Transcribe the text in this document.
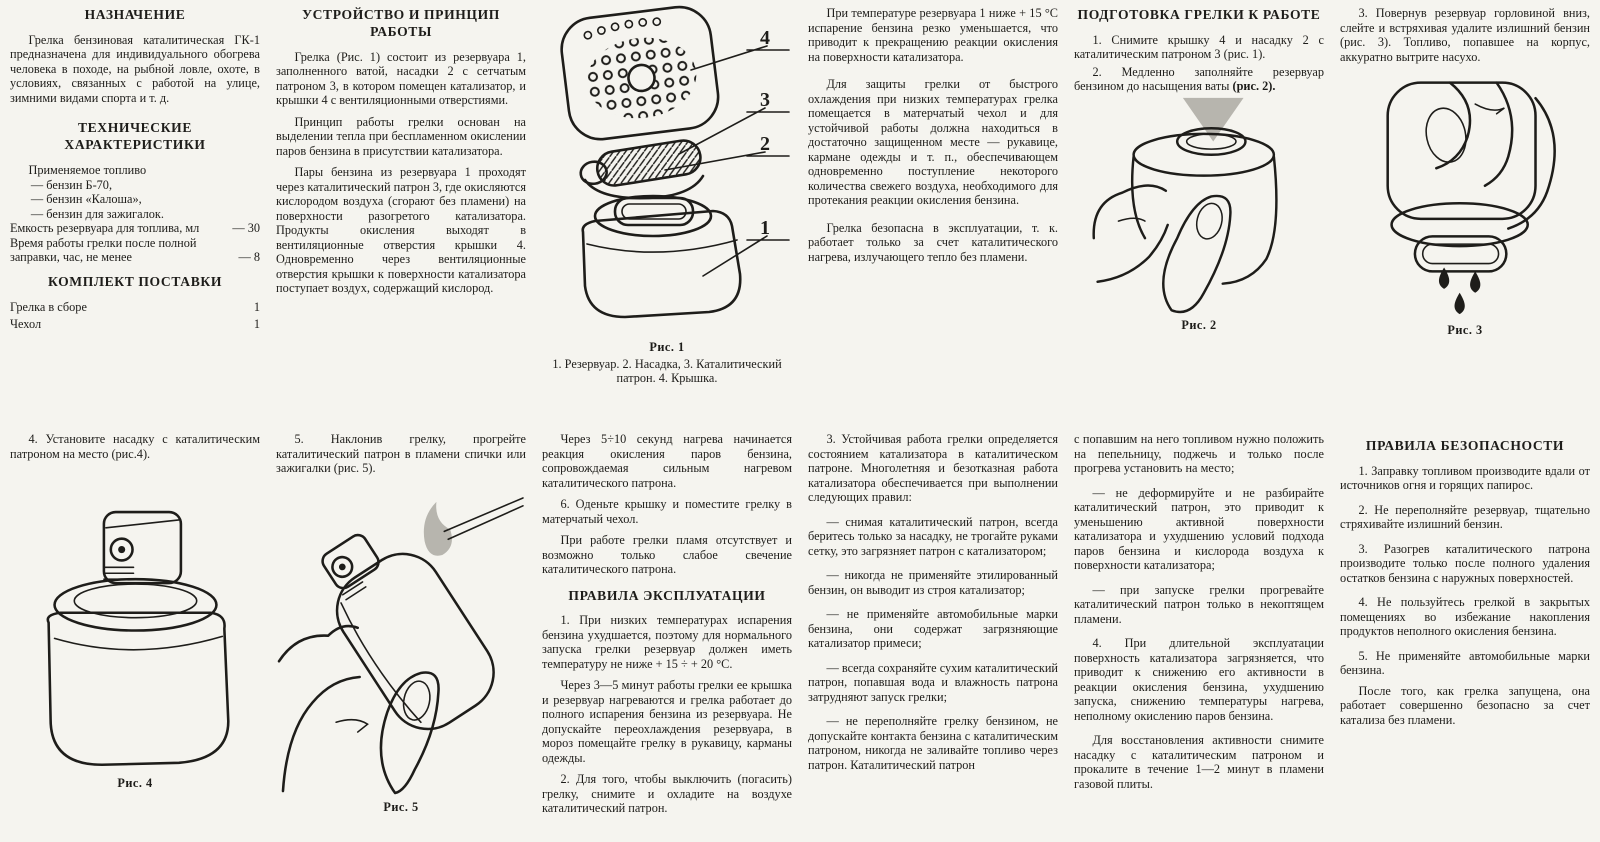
НАЗНАЧЕНИЕ

Грелка бензиновая каталитическая ГК-1 предназначена для индивидуального обогрева человека в походе, на рыбной ловле, охоте, в условиях, связанных с работой на улице, зимними видами спорта и т. д.

ТЕХНИЧЕСКИЕ ХАРАКТЕРИСТИКИ

Применяемое топливо

— бензин Б-70,

— бензин «Калоша»,

— бензин для зажигалок.

Емкость резервуара для топлива, мл	— 30
Время работы грелки после полной заправки, час, не менее	— 8
КОМПЛЕКТ ПОСТАВКИ
Грелка в сборе	1
Чехол	1
УСТРОЙСТВО И ПРИНЦИП РАБОТЫ

Грелка (Рис. 1) состоит из резервуара 1, заполненного ватой, насадки 2 с сетчатым патроном 3, в котором помещен катализатор, и крышки 4 с вентиляционными отверстиями.

Принцип работы грелки основан на выделении тепла при беспламенном окислении паров бензина в присутствии катализатора.

Пары бензина из резервуара 1 проходят через каталитический патрон 3, где окисляются кислородом воздуха (сгорают без пламени) на поверхности разогретого катализатора. Продукты окисления выходят в вентиляционные отверстия крышки 4. Одновременно через вентиляционные отверстия крышки к поверхности катализатора поступает воздух, содержащий кислород.

4
3
2
1
Рис. 1
1. Резервуар. 2. Насадка, 3. Каталитический патрон. 4. Крышка.

При температуре резервуара 1 ниже + 15 °С испарение бензина резко уменьшается, что приводит к прекращению реакции окисления на поверхности катализатора.

Для защиты грелки от быстрого охлаждения при низких температурах грелка помещается в матерчатый чехол и для устойчивой работы должна находиться в достаточно защищенном месте — рукавице, кармане одежды и т. п., обеспечивающем одновременно поступление некоторого количества свежего воздуха, необходимого для протекания реакции окисления бензина.

Грелка безопасна в эксплуатации, т. к. работает только за счет каталитического нагрева, излучающего тепло без пламени.

ПОДГОТОВКА ГРЕЛКИ К РАБОТЕ

1. Снимите крышку 4 и насадку 2 с каталитическим патроном 3 (рис. 1).

2. Медленно заполняйте резервуар бензином до насыщения ваты (рис. 2).

Рис. 2

3. Повернув резервуар горловиной вниз, слейте и встряхивая удалите излишний бензин (рис. 3). Топливо, попавшее на корпус, аккуратно вытрите насухо.

Рис. 3

4. Установите насадку с каталитическим патроном на место (рис.4).

Рис. 4

5. Наклонив грелку, прогрейте каталитический патрон в пламени спички или зажигалки (рис. 5).

Рис. 5

Через 5÷10 секунд нагрева начинается реакция окисления паров бензина, сопровождаемая сильным нагревом каталитического патрона.

6. Оденьте крышку и поместите грелку в матерчатый чехол.

При работе грелки пламя отсутствует и возможно только слабое свечение каталитического патрона.

ПРАВИЛА ЭКСПЛУАТАЦИИ

1. При низких температурах испарения бензина ухудшается, поэтому для нормального запуска грелки резервуар должен иметь температуру не ниже + 15 ÷ + 20 °С.

Через 3—5 минут работы грелки ее крышка и резервуар нагреваются и грелка работает до полного испарения бензина из резервуара. Не допускайте переохлаждения резервуара, в мороз помещайте грелку в рукавицу, карманы одежды.

2. Для того, чтобы выключить (погасить) грелку, снимите и охладите на воздухе каталитический патрон.

3. Устойчивая работа грелки определяется состоянием катализатора в каталитическом патроне. Многолетняя и безотказная работа катализатора обеспечивается при выполнении следующих правил:

— снимая каталитический патрон, всегда беритесь только за насадку, не трогайте руками сетку, это загрязняет патрон с катализатором;

— никогда не применяйте этилированный бензин, он выводит из строя катализатор;

— не применяйте автомобильные марки бензина, они содержат загрязняющие катализатор примеси;

— всегда сохраняйте сухим каталитический патрон, попавшая вода и влажность патрона затрудняют запуск грелки;

— не переполняйте грелку бензином, не допускайте контакта бензина с каталитическим патроном, никогда не заливайте топливо через патрон. Каталитический патрон

с попавшим на него топливом нужно положить на пепельницу, поджечь и только после прогрева установить на место;

— не деформируйте и не разбирайте каталитический патрон, это приводит к уменьшению активной поверхности катализатора и ухудшению условий подхода паров бензина и кислорода воздуха к поверхности катализатора;

— при запуске грелки прогревайте каталитический патрон только в некоптящем пламени.

4. При длительной эксплуатации поверхность катализатора загрязняется, что приводит к снижению его активности в реакции окисления бензина, ухудшению запуска, снижению температуры нагрева, неполному окислению паров бензина.

Для восстановления активности снимите насадку с каталитическим патроном и прокалите в течение 1—2 минут в пламени газовой плиты.

ПРАВИЛА БЕЗОПАСНОСТИ

1. Заправку топливом производите вдали от источников огня и горящих папирос.

2. Не переполняйте резервуар, тщательно стряхивайте излишний бензин.

3. Разогрев каталитического патрона производите только после полного удаления остатков бензина с наружных поверхностей.

4. Не пользуйтесь грелкой в закрытых помещениях во избежание накопления продуктов неполного окисления бензина.

5. Не применяйте автомобильные марки бензина.

После того, как грелка запущена, она работает совершенно безопасно за счет катализа без пламени.
